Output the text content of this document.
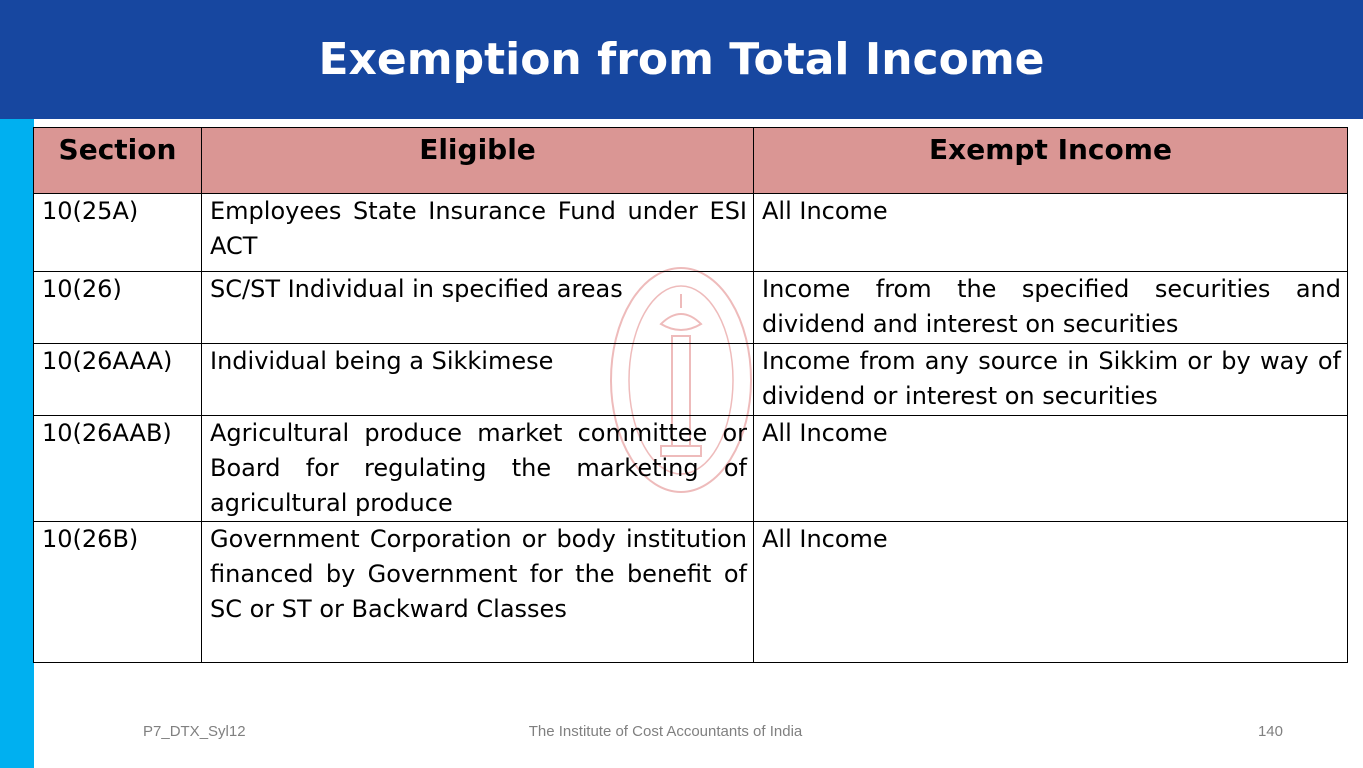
Exemption from Total Income
Section	Eligible	Exempt Income
10(25A)	Employees State Insurance Fund under ESI ACT	All Income
10(26)	SC/ST Individual in specified areas	Income from the specified securities and dividend and interest on securities
10(26AAA)	Individual being a Sikkimese	Income from any source in Sikkim or by way of dividend or interest on securities
10(26AAB)	Agricultural produce market committee or Board for regulating the marketing of agricultural produce	All Income
10(26B)	Government Corporation or body institution financed by Government for the benefit of SC or ST or Backward Classes	All Income
P7_DTX_Syl12	The Institute of Cost Accountants of India	140
